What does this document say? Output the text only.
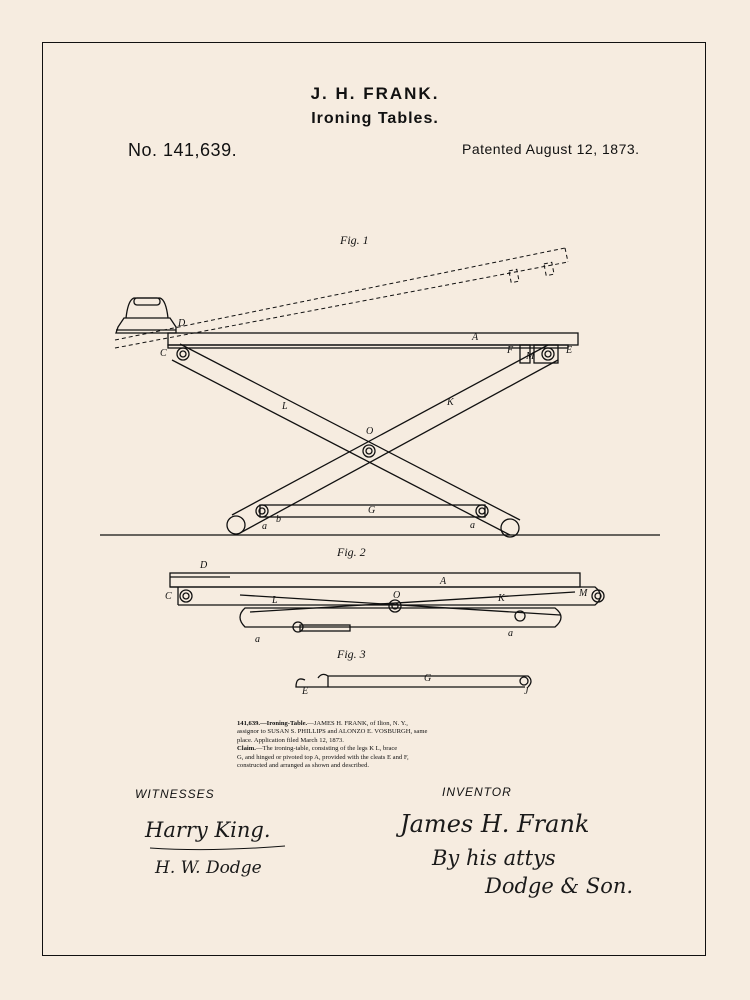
J. H. FRANK.
Ironing Tables.
No. 141,639.	Patented August 12, 1873.
Fig. 1
Fig. 2
Fig. 3
D
C
A
F
M
E
L	K
O
G
b
a	a
D
C
A
L	O	K	M
a
a
E
G
J
141,639.—Ironing-Table.—JAMES H. FRANK, of Ilion, N. Y.,
assignor to SUSAN S. PHILLIPS and ALONZO E. VOSBURGH, same
place. Application filed March 12, 1873.
Claim.—The ironing-table, consisting of the legs K L, brace
G, and hinged or pivoted top A, provided with the cleats E and F,
constructed and arranged as shown and described.
WITNESSES	INVENTOR
Harry King.
H. W. Dodge
James H. Frank
By his attys
Dodge & Son.
